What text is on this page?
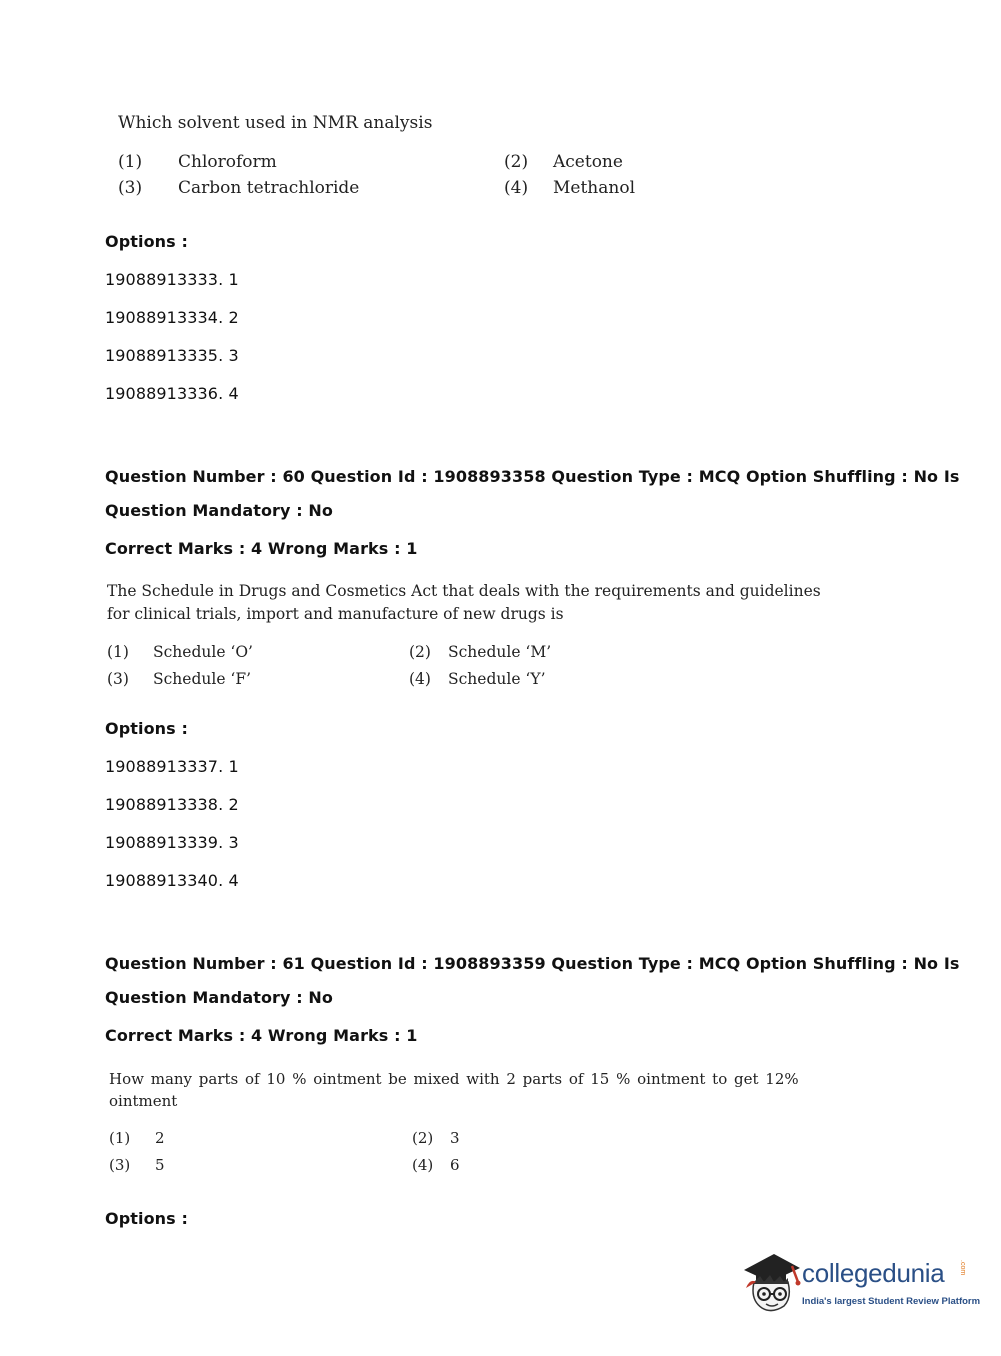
Which solvent used in NMR analysis
(1) Chloroform	(2) Acetone
(3) Carbon tetrachloride	(4) Methanol
Options :
19088913333. 1
19088913334. 2
19088913335. 3
19088913336. 4
Question Number : 60 Question Id : 1908893358 Question Type : MCQ Option Shuffling : No Is
Question Mandatory : No
Correct Marks : 4 Wrong Marks : 1
The Schedule in Drugs and Cosmetics Act that deals with the requirements and guidelines
for clinical trials, import and manufacture of new drugs is
(1) Schedule ‘O’	(2) Schedule ‘M’
(3) Schedule ‘F’	(4) Schedule ‘Y’
Options :
19088913337. 1
19088913338. 2
19088913339. 3
19088913340. 4
Question Number : 61 Question Id : 1908893359 Question Type : MCQ Option Shuffling : No Is
Question Mandatory : No
Correct Marks : 4 Wrong Marks : 1
How many parts of 10 % ointment be mixed with 2 parts of 15 % ointment to get 12%
ointment
(1) 2	(2) 3
(3) 5	(4) 6
Options :
collegedunia .com
India's largest Student Review Platform
